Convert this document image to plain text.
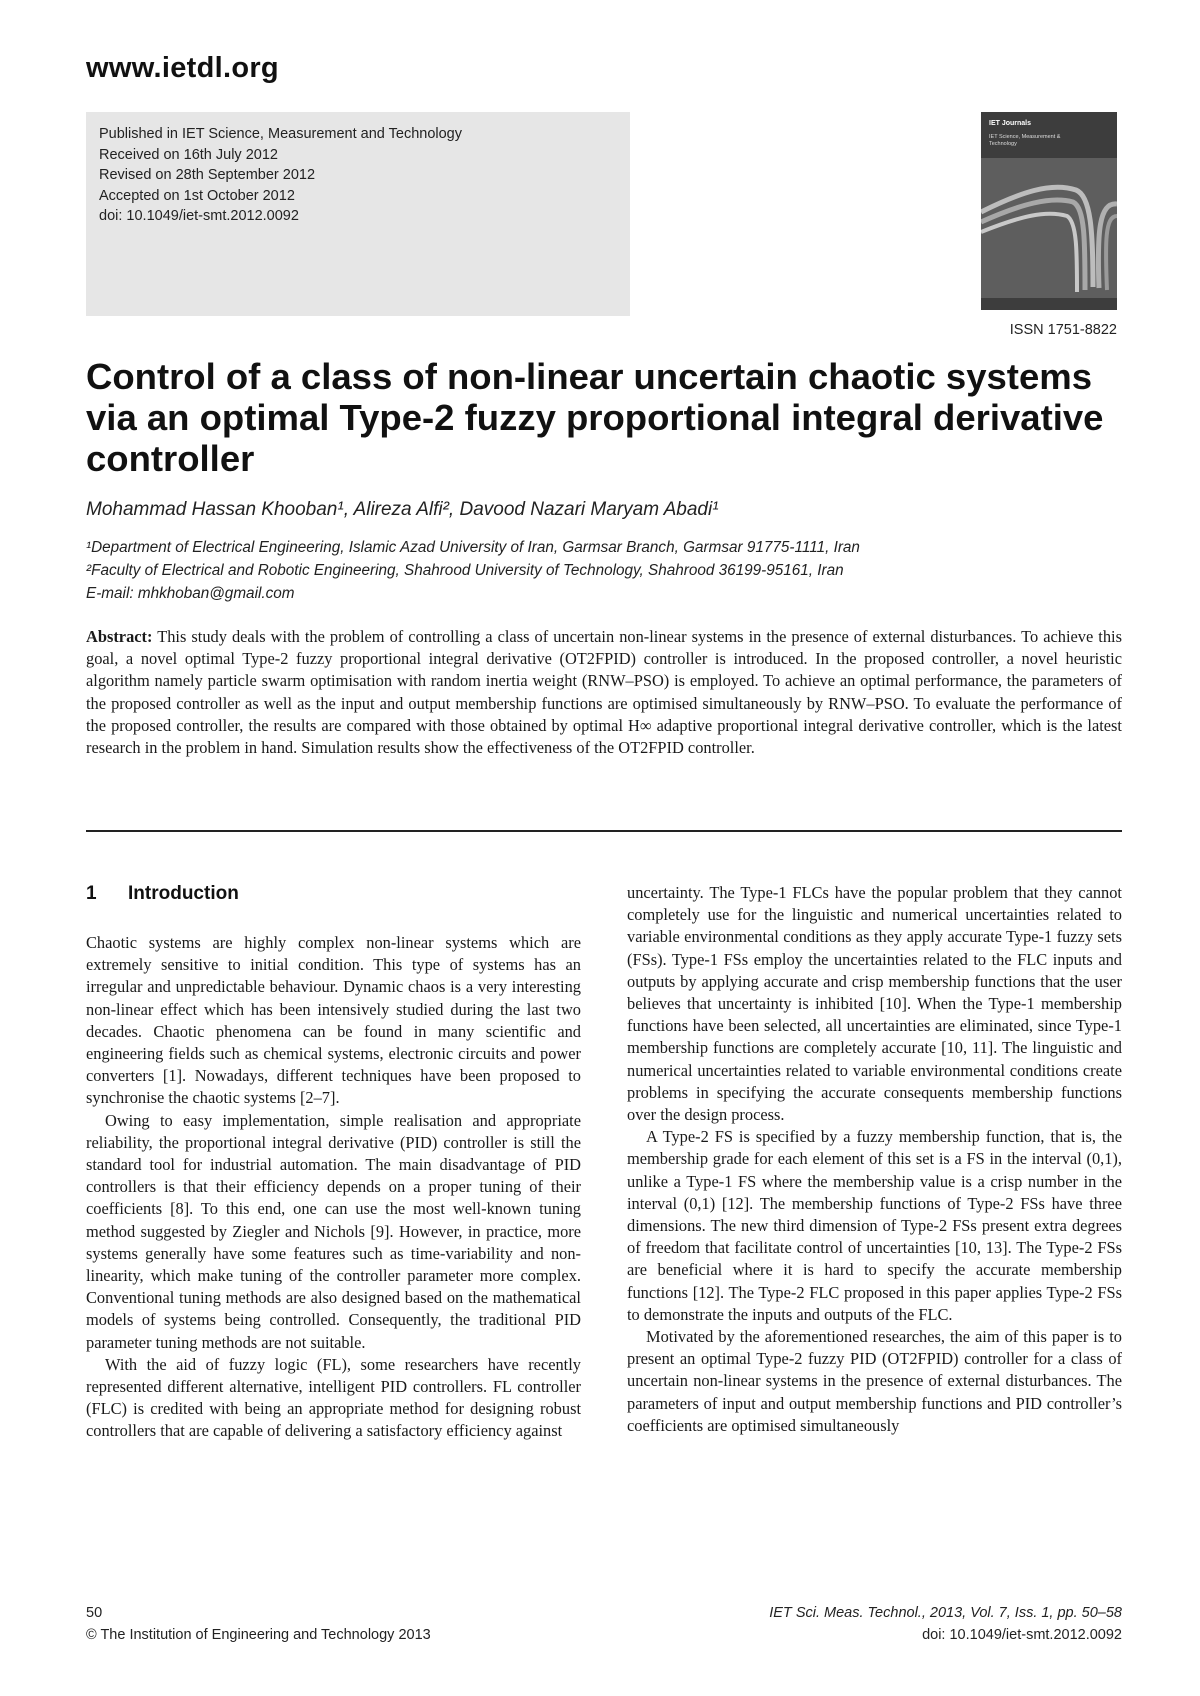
www.ietdl.org
Published in IET Science, Measurement and Technology
Received on 16th July 2012
Revised on 28th September 2012
Accepted on 1st October 2012
doi: 10.1049/iet-smt.2012.0092
IET Journals
IET Science, Measurement & Technology
ISSN 1751-8822
Control of a class of non-linear uncertain chaotic systems via an optimal Type-2 fuzzy proportional integral derivative controller
Mohammad Hassan Khooban¹, Alireza Alfi², Davood Nazari Maryam Abadi¹
¹Department of Electrical Engineering, Islamic Azad University of Iran, Garmsar Branch, Garmsar 91775-1111, Iran
²Faculty of Electrical and Robotic Engineering, Shahrood University of Technology, Shahrood 36199-95161, Iran
E-mail: mhkhoban@gmail.com
Abstract: This study deals with the problem of controlling a class of uncertain non-linear systems in the presence of external disturbances. To achieve this goal, a novel optimal Type-2 fuzzy proportional integral derivative (OT2FPID) controller is introduced. In the proposed controller, a novel heuristic algorithm namely particle swarm optimisation with random inertia weight (RNW–PSO) is employed. To achieve an optimal performance, the parameters of the proposed controller as well as the input and output membership functions are optimised simultaneously by RNW–PSO. To evaluate the performance of the proposed controller, the results are compared with those obtained by optimal H∞ adaptive proportional integral derivative controller, which is the latest research in the problem in hand. Simulation results show the effectiveness of the OT2FPID controller.
1 Introduction

Chaotic systems are highly complex non-linear systems which are extremely sensitive to initial condition. This type of systems has an irregular and unpredictable behaviour. Dynamic chaos is a very interesting non-linear effect which has been intensively studied during the last two decades. Chaotic phenomena can be found in many scientific and engineering fields such as chemical systems, electronic circuits and power converters [1]. Nowadays, different techniques have been proposed to synchronise the chaotic systems [2–7].

Owing to easy implementation, simple realisation and appropriate reliability, the proportional integral derivative (PID) controller is still the standard tool for industrial automation. The main disadvantage of PID controllers is that their efficiency depends on a proper tuning of their coefficients [8]. To this end, one can use the most well-known tuning method suggested by Ziegler and Nichols [9]. However, in practice, more systems generally have some features such as time-variability and non-linearity, which make tuning of the controller parameter more complex. Conventional tuning methods are also designed based on the mathematical models of systems being controlled. Consequently, the traditional PID parameter tuning methods are not suitable.

With the aid of fuzzy logic (FL), some researchers have recently represented different alternative, intelligent PID controllers. FL controller (FLC) is credited with being an appropriate method for designing robust controllers that are capable of delivering a satisfactory efficiency against

uncertainty. The Type-1 FLCs have the popular problem that they cannot completely use for the linguistic and numerical uncertainties related to variable environmental conditions as they apply accurate Type-1 fuzzy sets (FSs). Type-1 FSs employ the uncertainties related to the FLC inputs and outputs by applying accurate and crisp membership functions that the user believes that uncertainty is inhibited [10]. When the Type-1 membership functions have been selected, all uncertainties are eliminated, since Type-1 membership functions are completely accurate [10, 11]. The linguistic and numerical uncertainties related to variable environmental conditions create problems in specifying the accurate consequents membership functions over the design process.

A Type-2 FS is specified by a fuzzy membership function, that is, the membership grade for each element of this set is a FS in the interval (0,1), unlike a Type-1 FS where the membership value is a crisp number in the interval (0,1) [12]. The membership functions of Type-2 FSs have three dimensions. The new third dimension of Type-2 FSs present extra degrees of freedom that facilitate control of uncertainties [10, 13]. The Type-2 FSs are beneficial where it is hard to specify the accurate membership functions [12]. The Type-2 FLC proposed in this paper applies Type-2 FSs to demonstrate the inputs and outputs of the FLC.

Motivated by the aforementioned researches, the aim of this paper is to present an optimal Type-2 fuzzy PID (OT2FPID) controller for a class of uncertain non-linear systems in the presence of external disturbances. The parameters of input and output membership functions and PID controller’s coefficients are optimised simultaneously

50
© The Institution of Engineering and Technology 2013
IET Sci. Meas. Technol., 2013, Vol. 7, Iss. 1, pp. 50–58
doi: 10.1049/iet-smt.2012.0092
